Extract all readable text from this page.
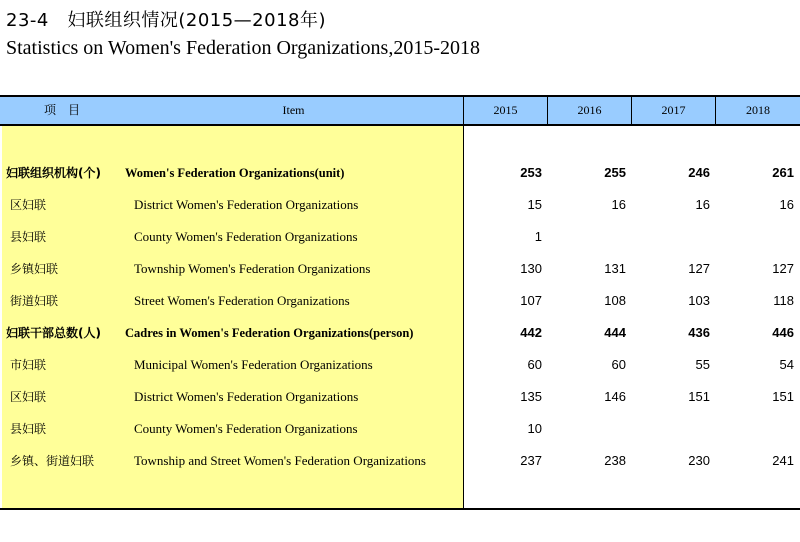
23-4　妇联组织情况(2015—2018年)
Statistics on Women's Federation Organizations,2015-2018
项　目	Item	2015	2016	2017	2018
妇联组织机构(个) Women's Federation Organizations(unit)	253	255	246	261
区妇联	District Women's Federation Organizations	15	16	16	16
县妇联	County Women's Federation Organizations	1
乡镇妇联	Township Women's Federation Organizations	130	131	127	127
街道妇联	Street Women's Federation Organizations	107	108	103	118
妇联干部总数(人) Cadres in Women's Federation Organizations(person)	442	444	436	446
市妇联	Municipal Women's Federation Organizations	60	60	55	54
区妇联	District Women's Federation Organizations	135	146	151	151
县妇联	County Women's Federation Organizations	10
乡镇、街道妇联	Township and Street Women's Federation Organizations	237	238	230	241
